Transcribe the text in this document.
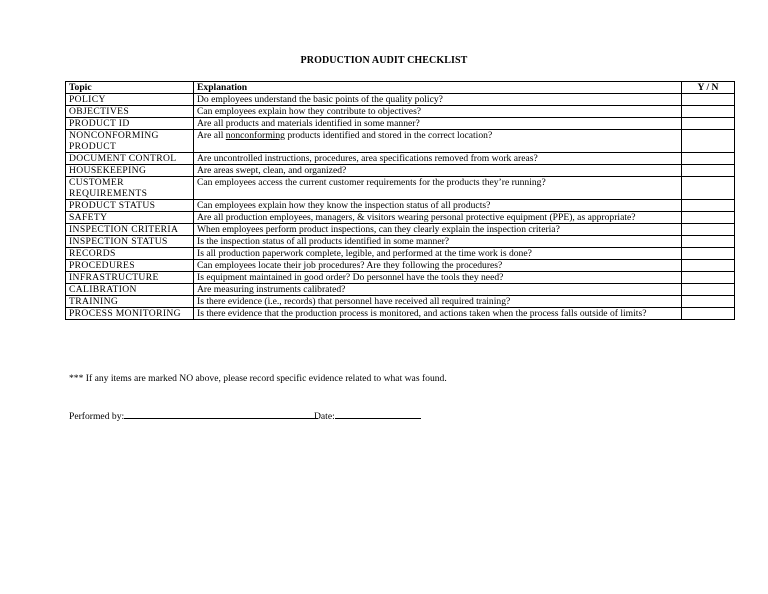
PRODUCTION AUDIT CHECKLIST
Topic	Explanation	Y / N
POLICY	Do employees understand the basic points of the quality policy?	
OBJECTIVES	Can employees explain how they contribute to objectives?	
PRODUCT ID	Are all products and materials identified in some manner?	
NONCONFORMING PRODUCT	Are all nonconforming products identified and stored in the correct location?	
DOCUMENT CONTROL	Are uncontrolled instructions, procedures, area specifications removed from work areas?	
HOUSEKEEPING	Are areas swept, clean, and organized?	
CUSTOMER REQUIREMENTS	Can employees access the current customer requirements for the products they’re running?	
PRODUCT STATUS	Can employees explain how they know the inspection status of all products?	
SAFETY	Are all production employees, managers, & visitors wearing personal protective equipment (PPE), as appropriate?	
INSPECTION CRITERIA	When employees perform product inspections, can they clearly explain the inspection criteria?	
INSPECTION STATUS	Is the inspection status of all products identified in some manner?	
RECORDS	Is all production paperwork complete, legible, and performed at the time work is done?	
PROCEDURES	Can employees locate their job procedures? Are they following the procedures?	
INFRASTRUCTURE	Is equipment maintained in good order? Do personnel have the tools they need?	
CALIBRATION	Are measuring instruments calibrated?	
TRAINING	Is there evidence (i.e., records) that personnel have received all required training?	
PROCESS MONITORING	Is there evidence that the production process is monitored, and actions taken when the process falls outside of limits?	
*** If any items are marked NO above, please record specific evidence related to what was found.
Performed by:	Date:
